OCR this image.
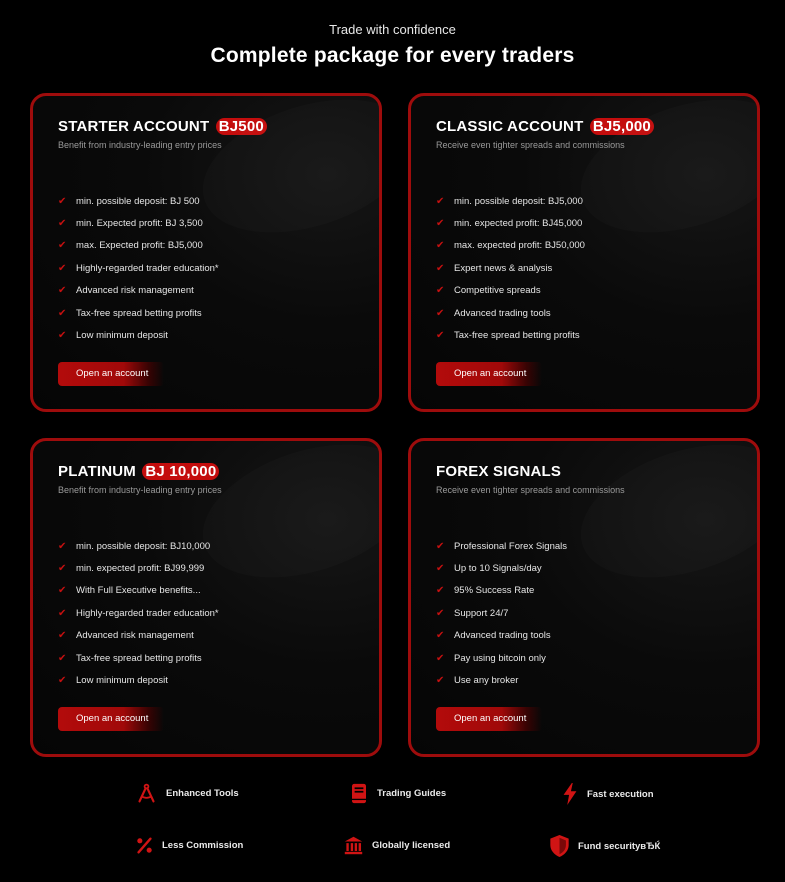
Trade with confidence
Complete package for every traders
STARTER ACCOUNT BJ500
Benefit from industry-leading entry prices
✔	min. possible deposit: BJ 500
✔	min. Expected profit: BJ 3,500
✔	max. Expected profit: BJ5,000
✔	Highly-regarded trader education*
✔	Advanced risk management
✔	Tax-free spread betting profits
✔	Low minimum deposit
Open an account
CLASSIC ACCOUNT BJ5,000
Receive even tighter spreads and commissions
✔	min. possible deposit: BJ5,000
✔	min. expected profit: BJ45,000
✔	max. expected profit: BJ50,000
✔	Expert news & analysis
✔	Competitive spreads
✔	Advanced trading tools
✔	Tax-free spread betting profits
Open an account
PLATINUM BJ 10,000
Benefit from industry-leading entry prices
✔	min. possible deposit: BJ10,000
✔	min. expected profit: BJ99,999
✔	With Full Executive benefits...
✔	Highly-regarded trader education*
✔	Advanced risk management
✔	Tax-free spread betting profits
✔	Low minimum deposit
Open an account
FOREX SIGNALS
Receive even tighter spreads and commissions
✔	Professional Forex Signals
✔	Up to 10 Signals/day
✔	95% Success Rate
✔	Support 24/7
✔	Advanced trading tools
✔	Pay using bitcoin only
✔	Use any broker
Open an account
Enhanced Tools	Trading Guides	Fast execution
Less Commission	Globally licensed	Fund securityвЂЌ
